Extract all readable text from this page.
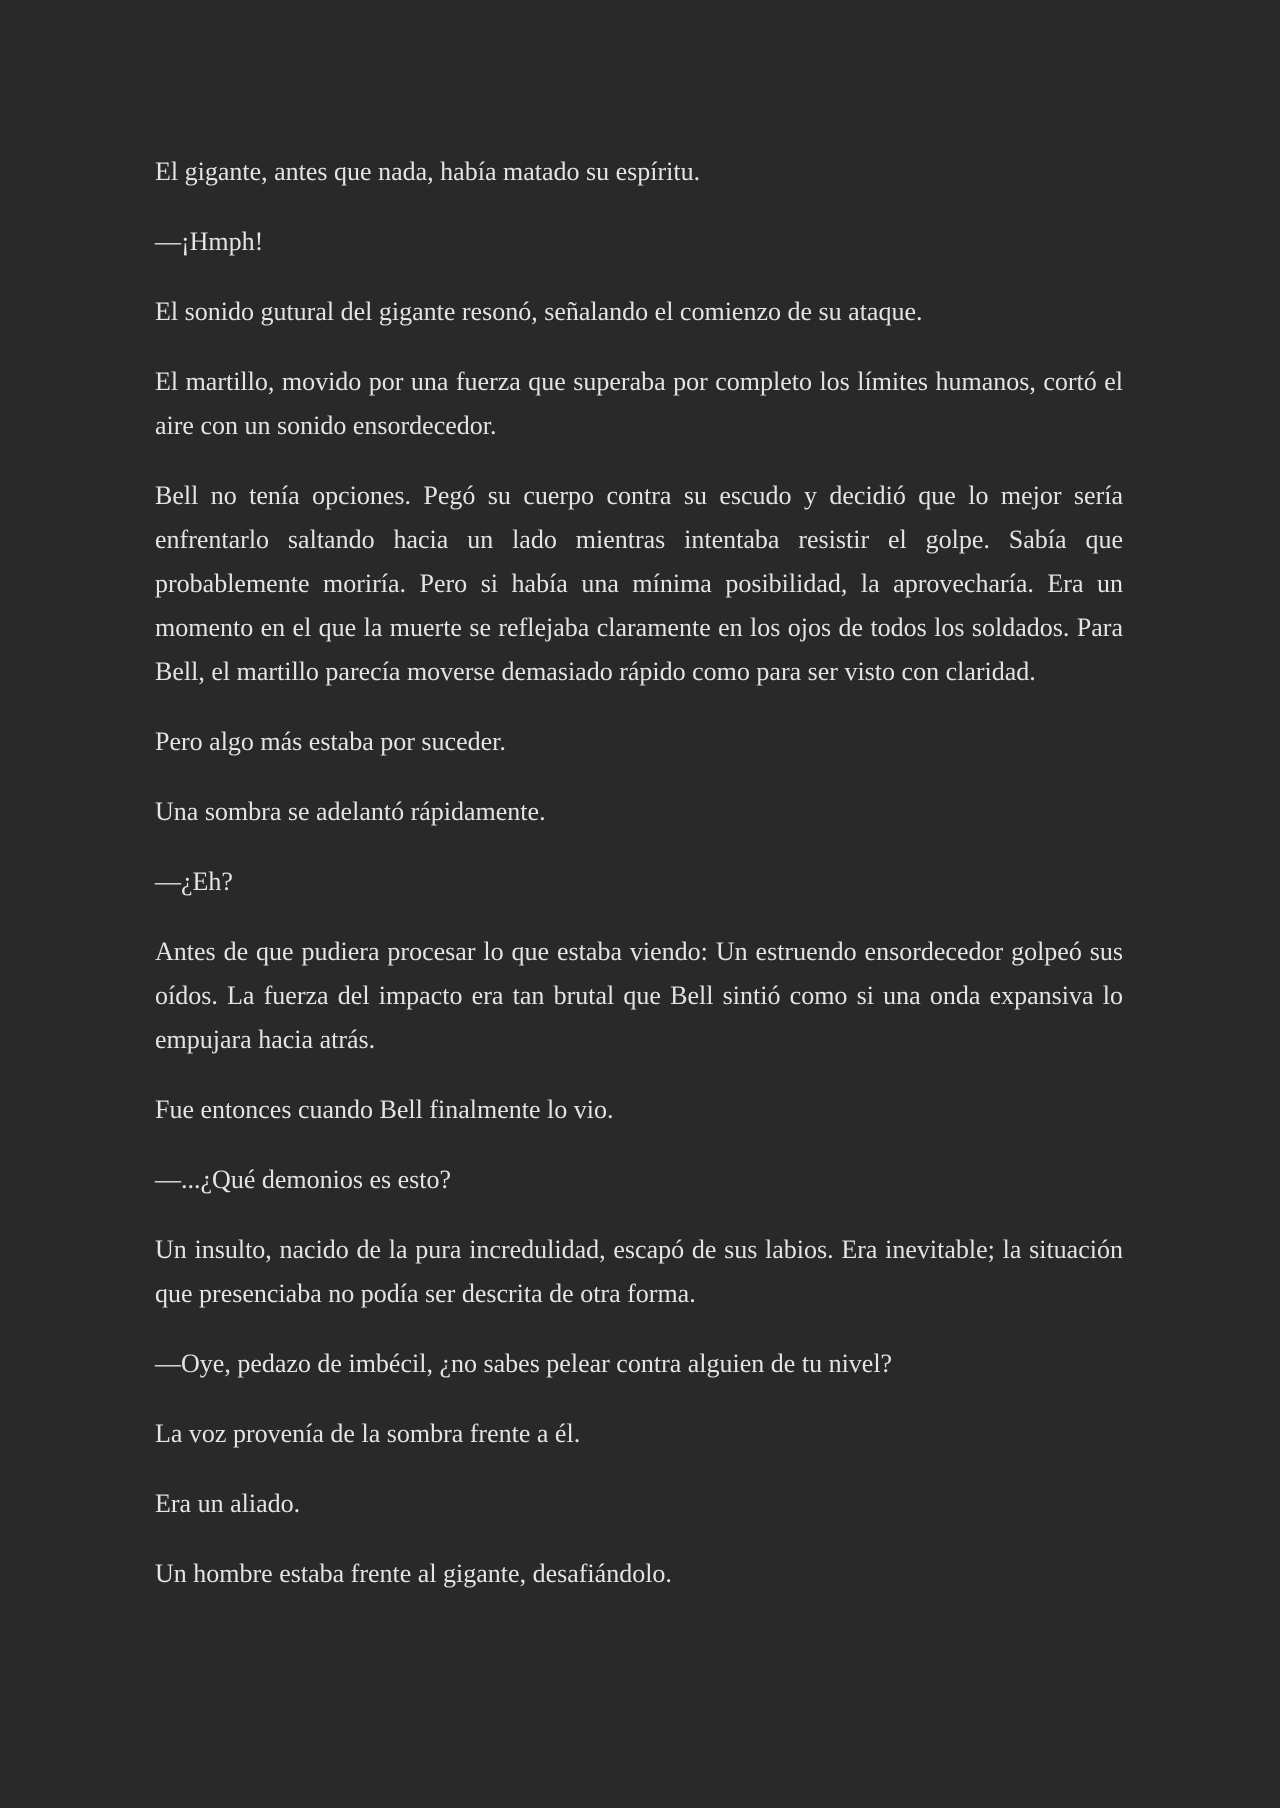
El gigante, antes que nada, había matado su espíritu.

—¡Hmph!

El sonido gutural del gigante resonó, señalando el comienzo de su ataque.

El martillo, movido por una fuerza que superaba por completo los límites humanos, cortó el aire con un sonido ensordecedor.

Bell no tenía opciones. Pegó su cuerpo contra su escudo y decidió que lo mejor sería enfrentarlo saltando hacia un lado mientras intentaba resistir el golpe. Sabía que probablemente moriría. Pero si había una mínima posibilidad, la aprovecharía. Era un momento en el que la muerte se reflejaba claramente en los ojos de todos los soldados. Para Bell, el martillo parecía moverse demasiado rápido como para ser visto con claridad.

Pero algo más estaba por suceder.

Una sombra se adelantó rápidamente.

—¿Eh?

Antes de que pudiera procesar lo que estaba viendo: Un estruendo ensordecedor golpeó sus oídos. La fuerza del impacto era tan brutal que Bell sintió como si una onda expansiva lo empujara hacia atrás.

Fue entonces cuando Bell finalmente lo vio.

—...¿Qué demonios es esto?

Un insulto, nacido de la pura incredulidad, escapó de sus labios. Era inevitable; la situación que presenciaba no podía ser descrita de otra forma.

—Oye, pedazo de imbécil, ¿no sabes pelear contra alguien de tu nivel?

La voz provenía de la sombra frente a él.

Era un aliado.

Un hombre estaba frente al gigante, desafiándolo.
